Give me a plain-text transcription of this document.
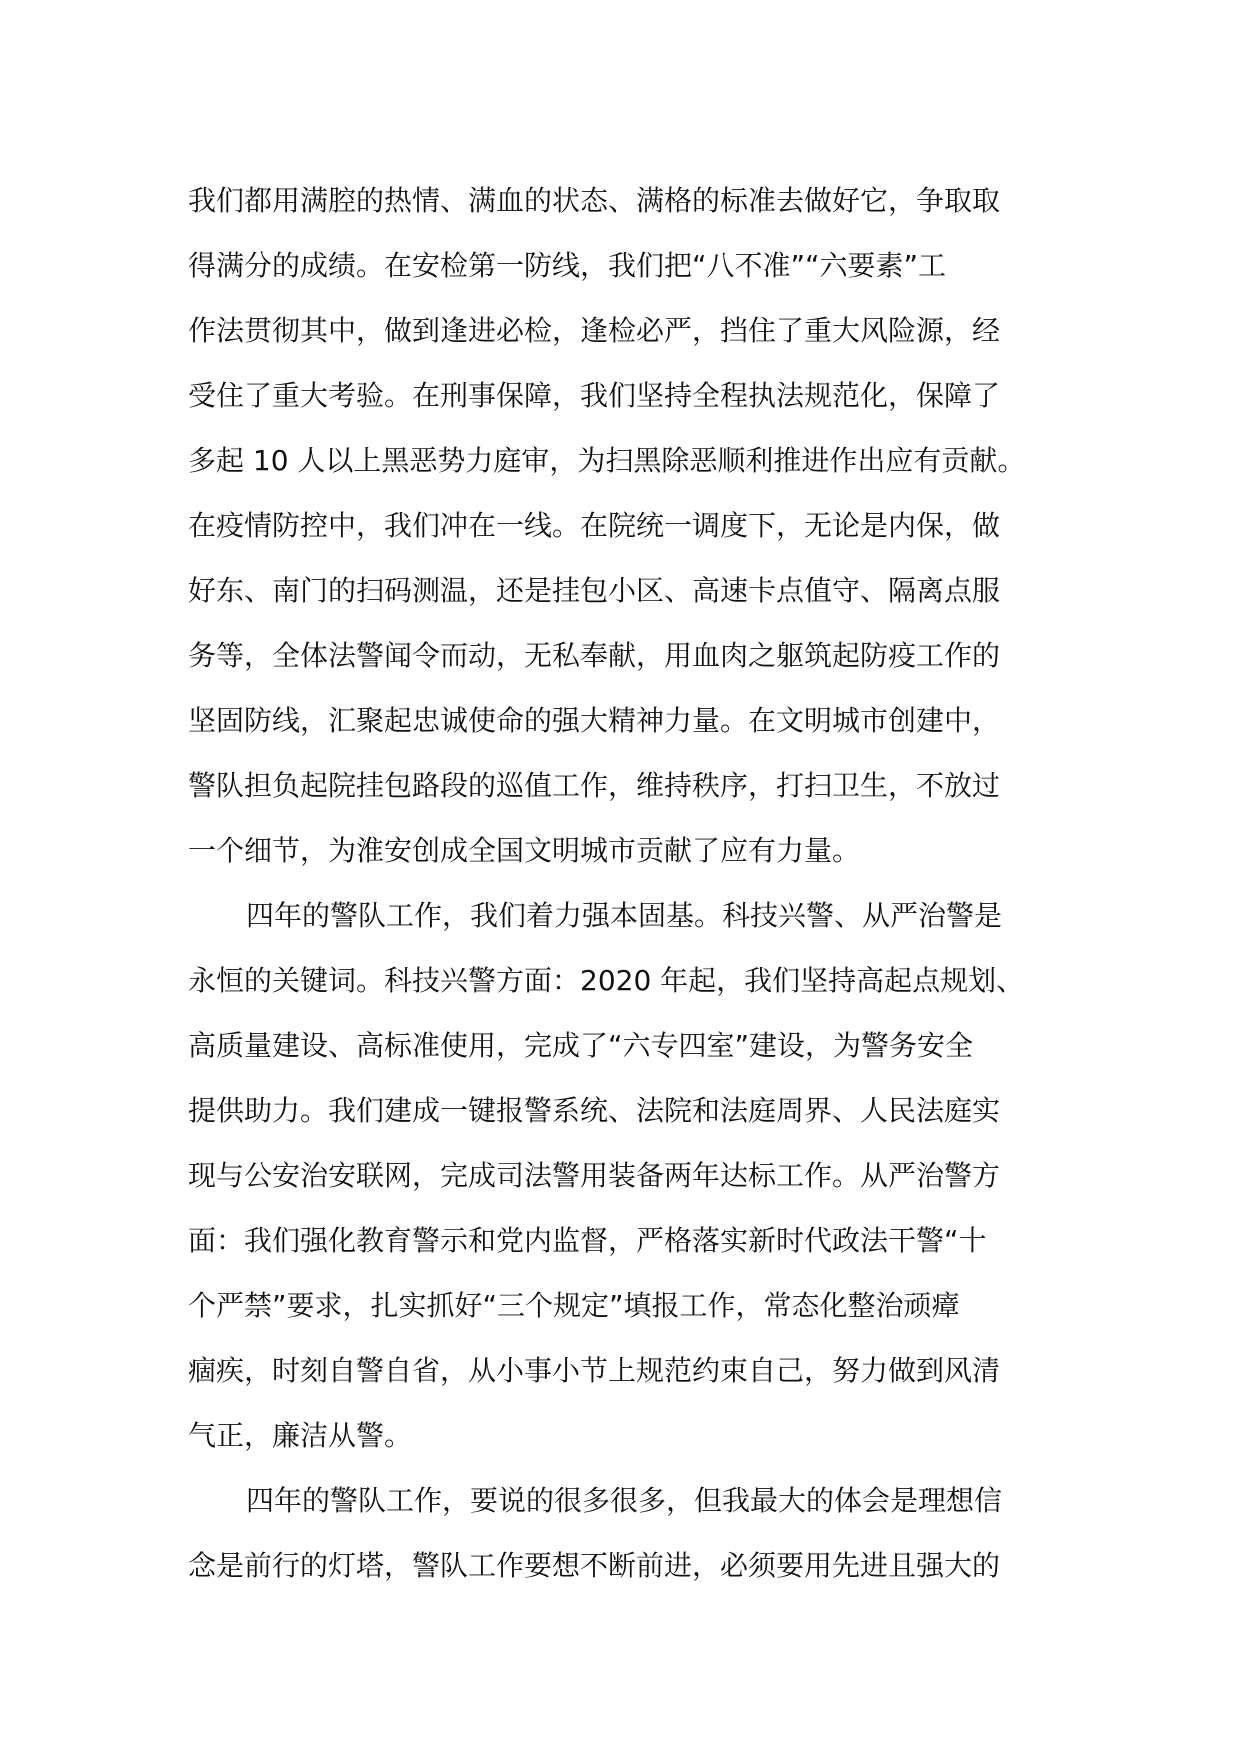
我们都用满腔的热情、满血的状态、满格的标准去做好它，争取取
得满分的成绩。在安检第一防线，我们把“八不准”“六要素”工
作法贯彻其中，做到逢进必检，逢检必严，挡住了重大风险源，经
受住了重大考验。在刑事保障，我们坚持全程执法规范化，保障了
多起 10 人以上黑恶势力庭审，为扫黑除恶顺利推进作出应有贡献。
在疫情防控中，我们冲在一线。在院统一调度下，无论是内保，做
好东、南门的扫码测温，还是挂包小区、高速卡点值守、隔离点服
务等，全体法警闻令而动，无私奉献，用血肉之躯筑起防疫工作的
坚固防线，汇聚起忠诚使命的强大精神力量。在文明城市创建中，
警队担负起院挂包路段的巡值工作，维持秩序，打扫卫生，不放过
一个细节，为淮安创成全国文明城市贡献了应有力量。
四年的警队工作，我们着力强本固基。科技兴警、从严治警是
永恒的关键词。科技兴警方面：2020 年起，我们坚持高起点规划、
高质量建设、高标准使用，完成了“六专四室”建设，为警务安全
提供助力。我们建成一键报警系统、法院和法庭周界、人民法庭实
现与公安治安联网，完成司法警用装备两年达标工作。从严治警方
面：我们强化教育警示和党内监督，严格落实新时代政法干警“十
个严禁”要求，扎实抓好“三个规定”填报工作，常态化整治顽瘴
痼疾，时刻自警自省，从小事小节上规范约束自己，努力做到风清
气正，廉洁从警。
四年的警队工作，要说的很多很多，但我最大的体会是理想信
念是前行的灯塔，警队工作要想不断前进，必须要用先进且强大的
